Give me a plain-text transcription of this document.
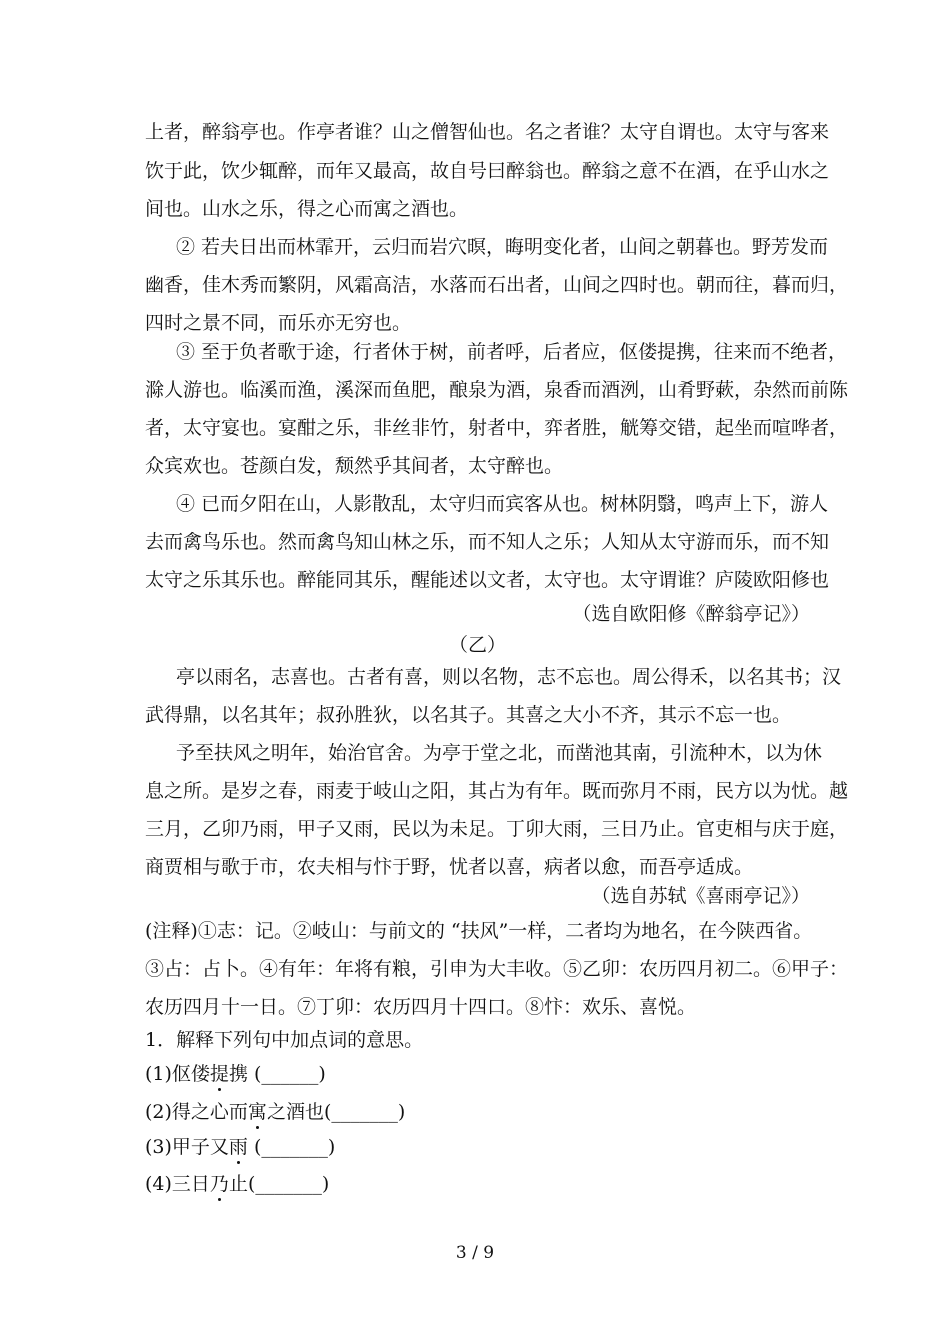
上者，醉翁亭也。作亭者谁？山之僧智仙也。名之者谁？太守自谓也。太守与客来
饮于此，饮少辄醉，而年又最高，故自号曰醉翁也。醉翁之意不在酒，在乎山水之
间也。山水之乐，得之心而寓之酒也。
② 若夫日出而林霏开，云归而岩穴暝，晦明变化者，山间之朝暮也。野芳发而
幽香，佳木秀而繁阴，风霜高洁，水落而石出者，山间之四时也。朝而往，暮而归，
四时之景不同，而乐亦无穷也。
③ 至于负者歌于途，行者休于树，前者呼，后者应，伛偻提携，往来而不绝者，
滁人游也。临溪而渔，溪深而鱼肥，酿泉为酒，泉香而酒洌，山肴野蔌，杂然而前陈
者，太守宴也。宴酣之乐，非丝非竹，射者中，弈者胜，觥筹交错，起坐而喧哗者，
众宾欢也。苍颜白发，颓然乎其间者，太守醉也。
④ 已而夕阳在山，人影散乱，太守归而宾客从也。树林阴翳，鸣声上下，游人
去而禽鸟乐也。然而禽鸟知山林之乐，而不知人之乐；人知从太守游而乐，而不知
太守之乐其乐也。醉能同其乐，醒能述以文者，太守也。太守谓谁？庐陵欧阳修也
（选自欧阳修《醉翁亭记》）
（乙）
亭以雨名，志喜也。古者有喜，则以名物，志不忘也。周公得禾，以名其书；汉
武得鼎，以名其年；叔孙胜狄，以名其子。其喜之大小不齐，其示不忘一也。
予至扶风之明年，始治官舍。为亭于堂之北，而凿池其南，引流种木，以为休
息之所。是岁之春，雨麦于岐山之阳，其占为有年。既而弥月不雨，民方以为忧。越
三月，乙卯乃雨，甲子又雨，民以为未足。丁卯大雨，三日乃止。官吏相与庆于庭，
商贾相与歌于市，农夫相与忭于野，忧者以喜，病者以愈，而吾亭适成。
（选自苏轼《喜雨亭记》）
(注释)①志：记。②岐山：与前文的 “扶风”一样，二者均为地名，在今陕西省。
③占：占卜。④有年：年将有粮，引申为大丰收。⑤乙卯：农历四月初二。⑥甲子：
农历四月十一日。⑦丁卯：农历四月十四口。⑧忭：欢乐、喜悦。
1．解释下列句中加点词的意思。
(1)伛偻提携 (______)
(2)得之心而寓之酒也(_______)
(3)甲子又雨 (_______)
(4)三日乃止(_______)
3 / 9
